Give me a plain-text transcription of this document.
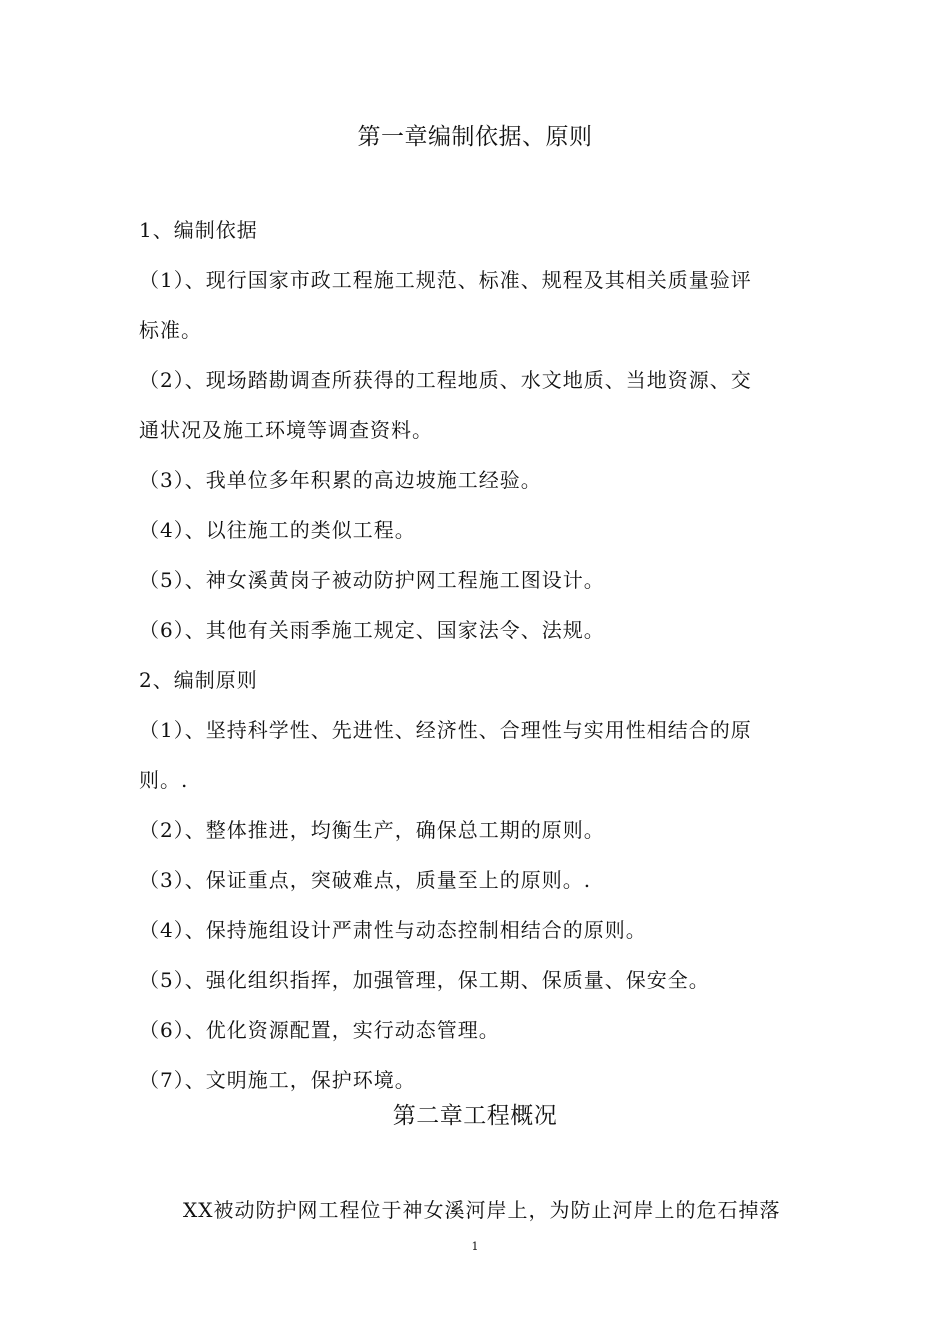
第一章编制依据、原则
1、编制依据
（1）、现行国家市政工程施工规范、标准、规程及其相关质量验评
标准。
（2）、现场踏勘调查所获得的工程地质、水文地质、当地资源、交
通状况及施工环境等调查资料。
（3）、我单位多年积累的高边坡施工经验。
（4）、以往施工的类似工程。
（5）、神女溪黄岗子被动防护网工程施工图设计。
（6）、其他有关雨季施工规定、国家法令、法规。
2、编制原则
（1）、坚持科学性、先进性、经济性、合理性与实用性相结合的原
则。.
（2）、整体推进，均衡生产，确保总工期的原则。
（3）、保证重点，突破难点，质量至上的原则。.
（4）、保持施组设计严肃性与动态控制相结合的原则。
（5）、强化组织指挥，加强管理，保工期、保质量、保安全。
（6）、优化资源配置，实行动态管理。
（7）、文明施工，保护环境。
第二章工程概况
XX被动防护网工程位于神女溪河岸上，为防止河岸上的危石掉落
1
